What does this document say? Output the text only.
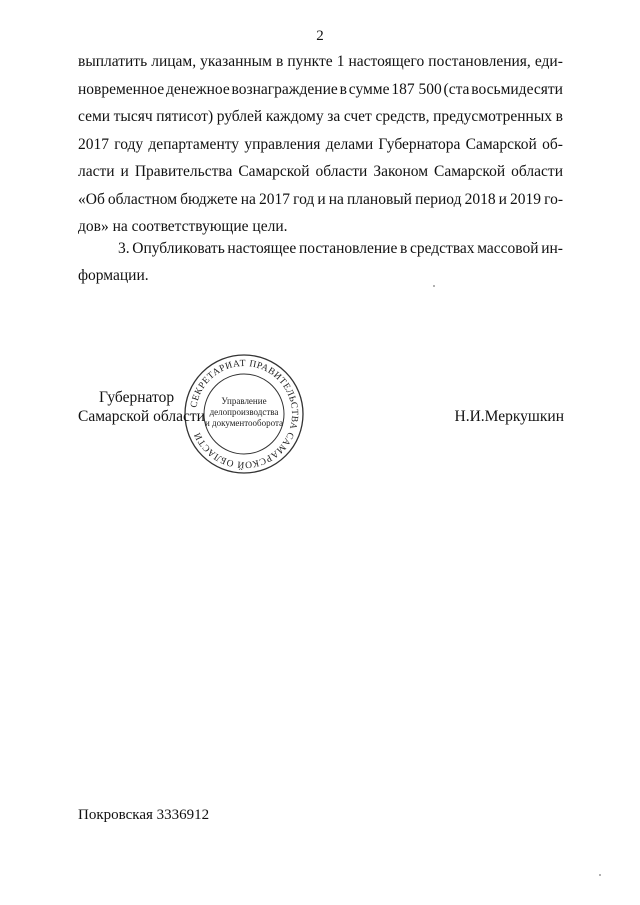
2
выплатить лицам, указанным в пункте 1 настоящего постановления, еди-
новременное денежное вознаграждение в сумме 187 500 (ста восьмидесяти
семи тысяч пятисот) рублей каждому за счет средств, предусмотренных в
2017 году департаменту управления делами Губернатора Самарской об-
ласти и Правительства Самарской области Законом Самарской области
«Об областном бюджете на 2017 год и на плановый период 2018 и 2019 го-
дов» на соответствующие цели.
3. Опубликовать настоящее постановление в средствах массовой ин-
формации.
СЕКРЕТАРИАТ ПРАВИТЕЛЬСТВА САМАРСКОЙ ОБЛАСТИ
Управление
делопроизводства
и документооборота
Губернатор
Самарской области	Н.И.Меркушкин
Покровская 3336912
